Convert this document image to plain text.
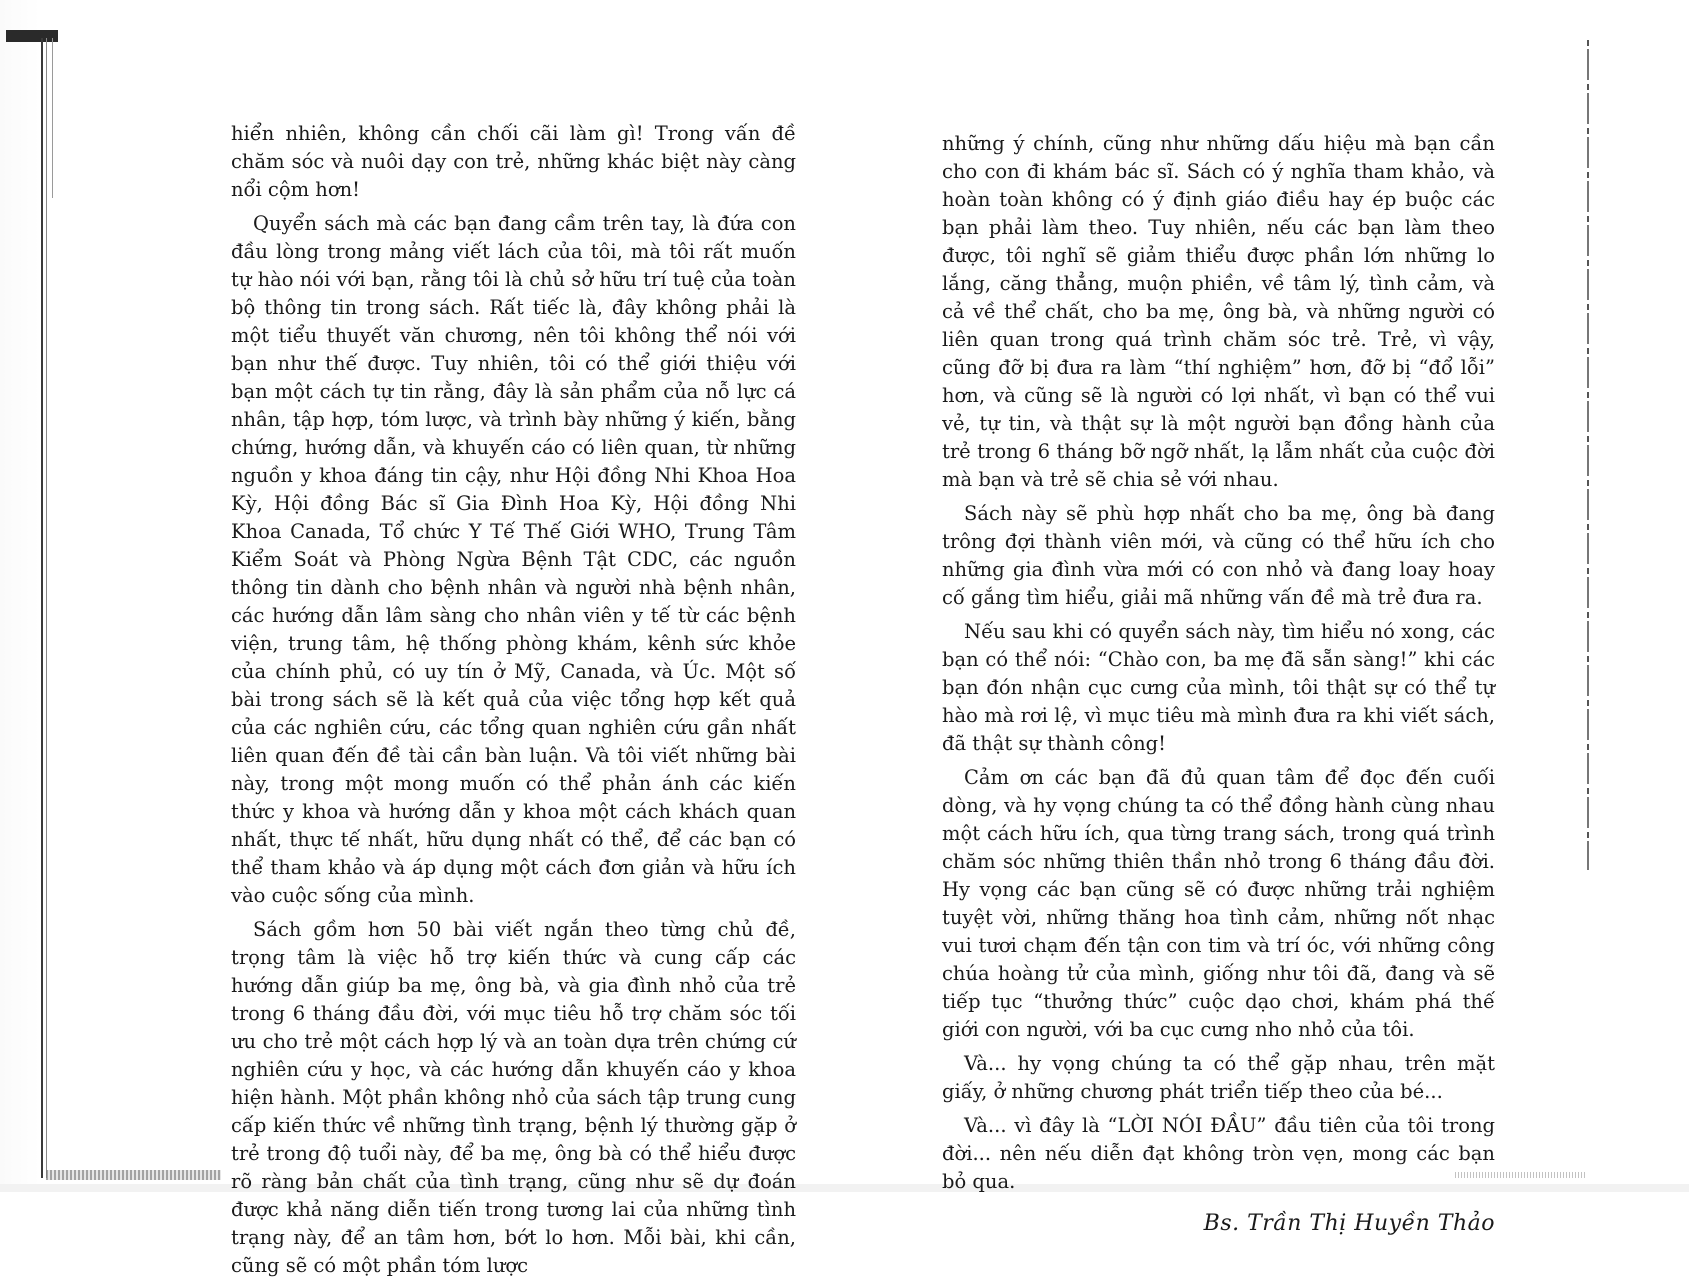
hiển nhiên, không cần chối cãi làm gì! Trong vấn đề chăm sóc và nuôi dạy con trẻ, những khác biệt này càng nổi cộm hơn!

Quyển sách mà các bạn đang cầm trên tay, là đứa con đầu lòng trong mảng viết lách của tôi, mà tôi rất muốn tự hào nói với bạn, rằng tôi là chủ sở hữu trí tuệ của toàn bộ thông tin trong sách. Rất tiếc là, đây không phải là một tiểu thuyết văn chương, nên tôi không thể nói với bạn như thế được. Tuy nhiên, tôi có thể giới thiệu với bạn một cách tự tin rằng, đây là sản phẩm của nỗ lực cá nhân, tập hợp, tóm lược, và trình bày những ý kiến, bằng chứng, hướng dẫn, và khuyến cáo có liên quan, từ những nguồn y khoa đáng tin cậy, như Hội đồng Nhi Khoa Hoa Kỳ, Hội đồng Bác sĩ Gia Đình Hoa Kỳ, Hội đồng Nhi Khoa Canada, Tổ chức Y Tế Thế Giới WHO, Trung Tâm Kiểm Soát và Phòng Ngừa Bệnh Tật CDC, các nguồn thông tin dành cho bệnh nhân và người nhà bệnh nhân, các hướng dẫn lâm sàng cho nhân viên y tế từ các bệnh viện, trung tâm, hệ thống phòng khám, kênh sức khỏe của chính phủ, có uy tín ở Mỹ, Canada, và Úc. Một số bài trong sách sẽ là kết quả của việc tổng hợp kết quả của các nghiên cứu, các tổng quan nghiên cứu gần nhất liên quan đến đề tài cần bàn luận. Và tôi viết những bài này, trong một mong muốn có thể phản ánh các kiến thức y khoa và hướng dẫn y khoa một cách khách quan nhất, thực tế nhất, hữu dụng nhất có thể, để các bạn có thể tham khảo và áp dụng một cách đơn giản và hữu ích vào cuộc sống của mình.

Sách gồm hơn 50 bài viết ngắn theo từng chủ đề, trọng tâm là việc hỗ trợ kiến thức và cung cấp các hướng dẫn giúp ba mẹ, ông bà, và gia đình nhỏ của trẻ trong 6 tháng đầu đời, với mục tiêu hỗ trợ chăm sóc tối ưu cho trẻ một cách hợp lý và an toàn dựa trên chứng cứ nghiên cứu y học, và các hướng dẫn khuyến cáo y khoa hiện hành. Một phần không nhỏ của sách tập trung cung cấp kiến thức về những tình trạng, bệnh lý thường gặp ở trẻ trong độ tuổi này, để ba mẹ, ông bà có thể hiểu được rõ ràng bản chất của tình trạng, cũng như sẽ dự đoán được khả năng diễn tiến trong tương lai của những tình trạng này, để an tâm hơn, bớt lo hơn. Mỗi bài, khi cần, cũng sẽ có một phần tóm lược

những ý chính, cũng như những dấu hiệu mà bạn cần cho con đi khám bác sĩ. Sách có ý nghĩa tham khảo, và hoàn toàn không có ý định giáo điều hay ép buộc các bạn phải làm theo. Tuy nhiên, nếu các bạn làm theo được, tôi nghĩ sẽ giảm thiểu được phần lớn những lo lắng, căng thẳng, muộn phiền, về tâm lý, tình cảm, và cả về thể chất, cho ba mẹ, ông bà, và những người có liên quan trong quá trình chăm sóc trẻ. Trẻ, vì vậy, cũng đỡ bị đưa ra làm “thí nghiệm” hơn, đỡ bị “đổ lỗi” hơn, và cũng sẽ là người có lợi nhất, vì bạn có thể vui vẻ, tự tin, và thật sự là một người bạn đồng hành của trẻ trong 6 tháng bỡ ngỡ nhất, lạ lẫm nhất của cuộc đời mà bạn và trẻ sẽ chia sẻ với nhau.

Sách này sẽ phù hợp nhất cho ba mẹ, ông bà đang trông đợi thành viên mới, và cũng có thể hữu ích cho những gia đình vừa mới có con nhỏ và đang loay hoay cố gắng tìm hiểu, giải mã những vấn đề mà trẻ đưa ra.

Nếu sau khi có quyển sách này, tìm hiểu nó xong, các bạn có thể nói: “Chào con, ba mẹ đã sẵn sàng!” khi các bạn đón nhận cục cưng của mình, tôi thật sự có thể tự hào mà rơi lệ, vì mục tiêu mà mình đưa ra khi viết sách, đã thật sự thành công!

Cảm ơn các bạn đã đủ quan tâm để đọc đến cuối dòng, và hy vọng chúng ta có thể đồng hành cùng nhau một cách hữu ích, qua từng trang sách, trong quá trình chăm sóc những thiên thần nhỏ trong 6 tháng đầu đời. Hy vọng các bạn cũng sẽ có được những trải nghiệm tuyệt vời, những thăng hoa tình cảm, những nốt nhạc vui tươi chạm đến tận con tim và trí óc, với những công chúa hoàng tử của mình, giống như tôi đã, đang và sẽ tiếp tục “thưởng thức” cuộc dạo chơi, khám phá thế giới con người, với ba cục cưng nho nhỏ của tôi.

Và... hy vọng chúng ta có thể gặp nhau, trên mặt giấy, ở những chương phát triển tiếp theo của bé...

Và... vì đây là “LỜI NÓI ĐẦU” đầu tiên của tôi trong đời... nên nếu diễn đạt không tròn vẹn, mong các bạn bỏ qua.

Bs. Trần Thị Huyền Thảo
